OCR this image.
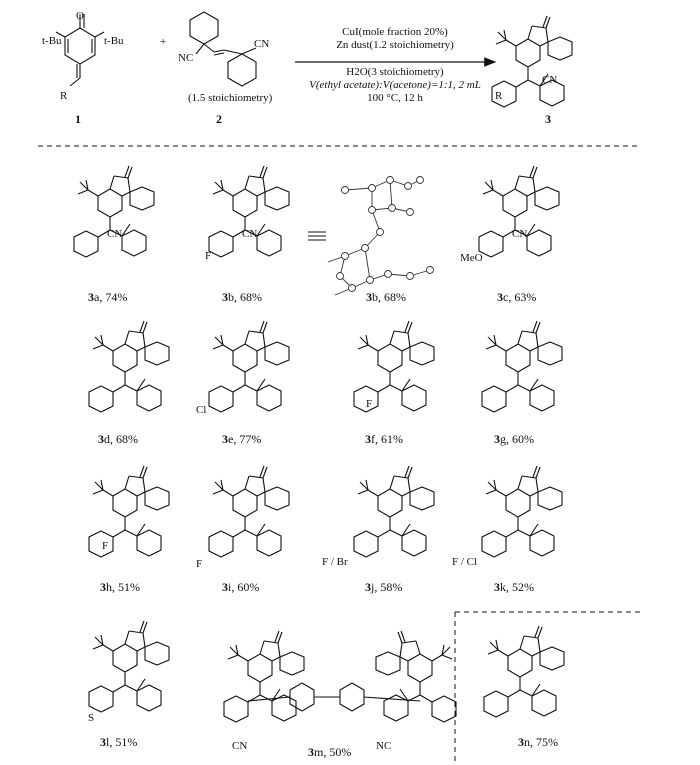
t-Bu	t-Bu
R
O
1
+
NC
CN
(1.5 stoichiometry)
2
CuI(mole fraction 20%)
Zn dust(1.2 stoichiometry)
H2O(3 stoichiometry)
V(ethyl acetate):V(acetone)=1:1, 2 mL
100 °C, 12 h	R
CN
3
3a, 74%	3b, 68%	3b, 68%	3c, 63%
3d, 68%	3e, 77%	3f, 61%	3g, 60%
3h, 51%	3i, 60%	3j, 58%	3k, 52%
3l, 51%
3m, 50%
3n, 75%
F	MeO
Cl	F
F
F	F / Br	F / Cl
S
CN	CN	CN
CN	NC
